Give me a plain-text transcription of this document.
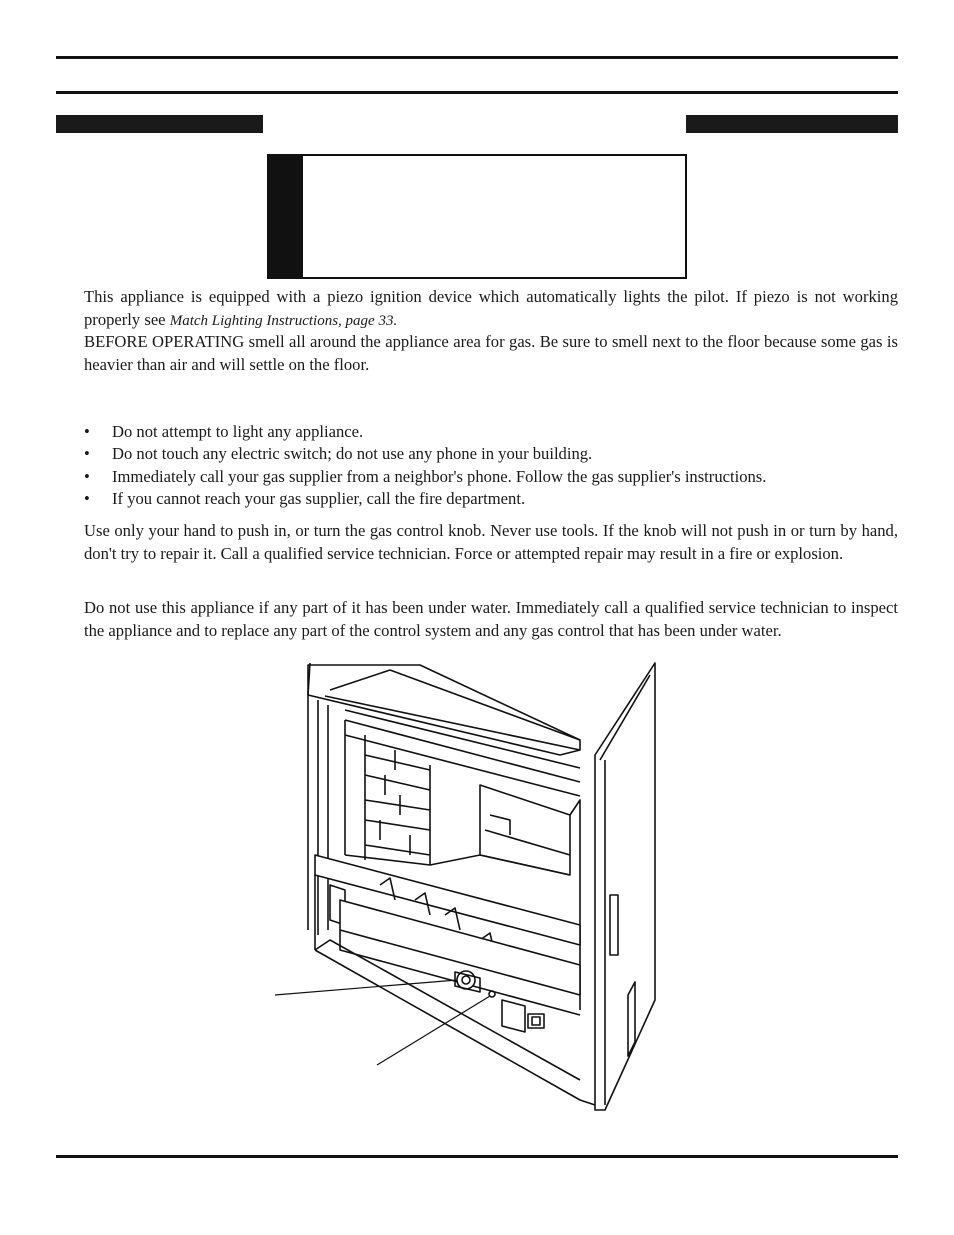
This appliance is equipped with a piezo ignition device which automatically lights the pilot. If piezo is not working properly see Match Lighting Instructions, page 33.

BEFORE OPERATING smell all around the appliance area for gas. Be sure to smell next to the floor because some gas is heavier than air and will settle on the floor.

• Do not attempt to light any appliance.
• Do not touch any electric switch; do not use any phone in your building.
• Immediately call your gas supplier from a neighbor's phone. Follow the gas supplier's instructions.
• If you cannot reach your gas supplier, call the fire department.

Use only your hand to push in, or turn the gas control knob. Never use tools. If the knob will not push in or turn by hand, don't try to repair it. Call a qualified service technician. Force or attempted repair may result in a fire or explosion.

Do not use this appliance if any part of it has been under water. Immediately call a qualified service technician to inspect the appliance and to replace any part of the control system and any gas control that has been under water.
